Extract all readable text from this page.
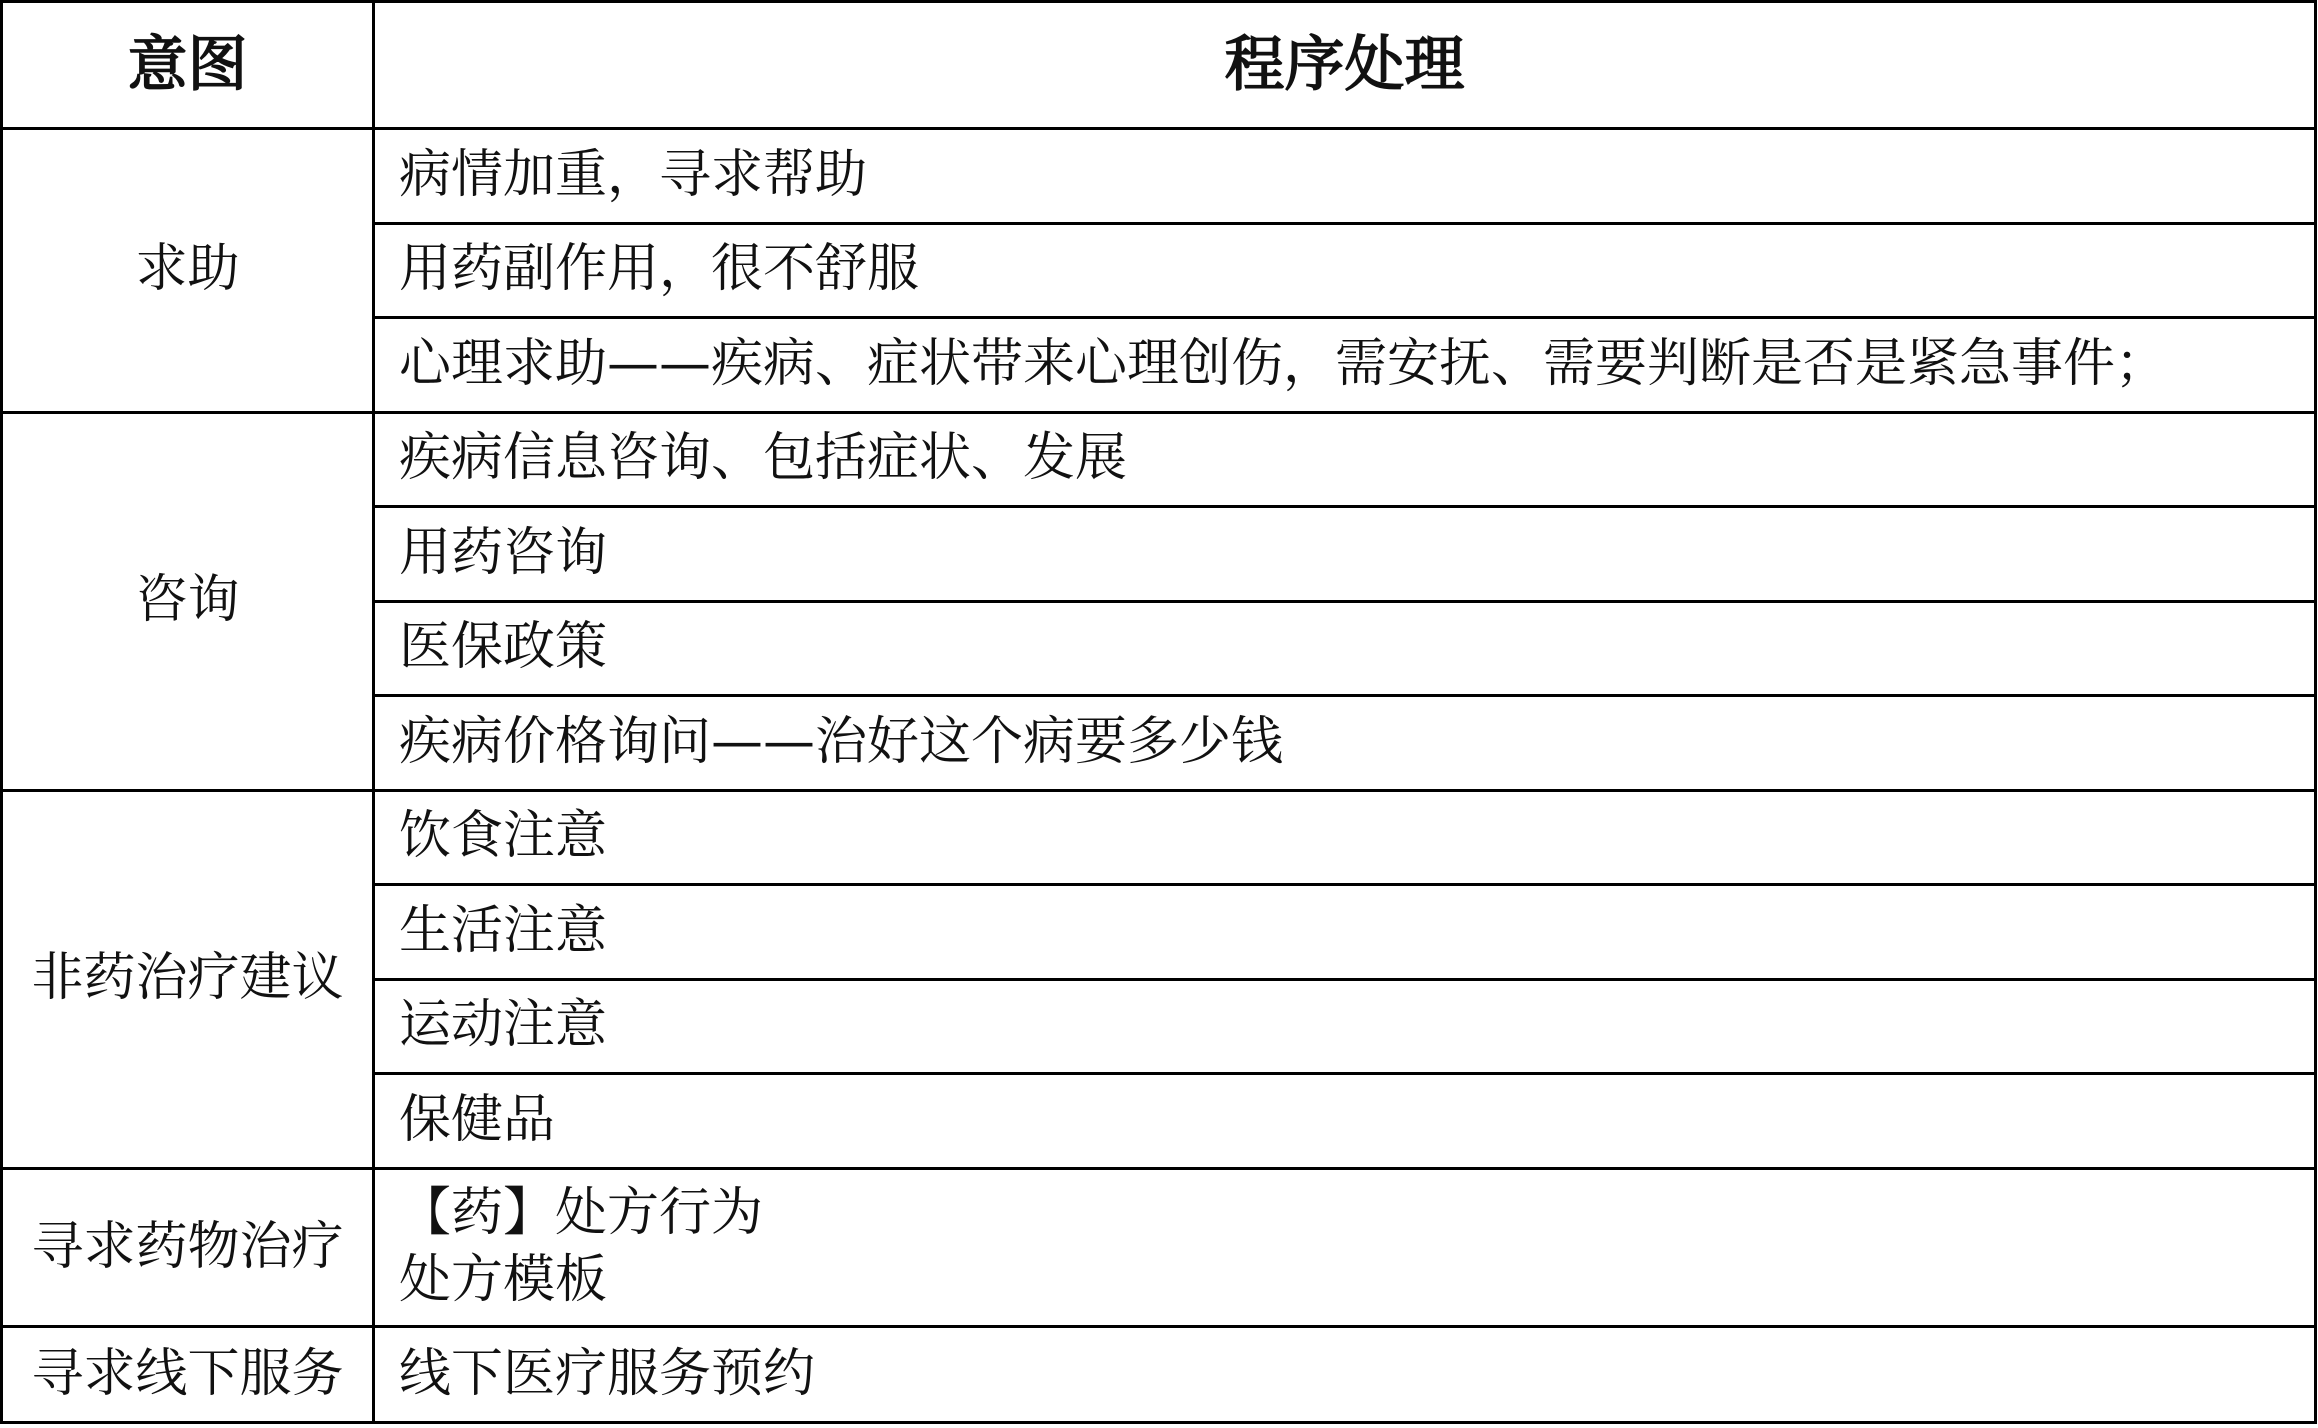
意图	程序处理
求助	病情加重，寻求帮助
	用药副作用，很不舒服
	心理求助——疾病、症状带来心理创伤，需安抚、需要判断是否是紧急事件；
咨询	疾病信息咨询、包括症状、发展
	用药咨询
	医保政策
	疾病价格询问——治好这个病要多少钱
非药治疗建议	饮食注意
	生活注意
	运动注意
	保健品
寻求药物治疗	【药】处方行为
处方模板

寻求线下服务	线下医疗服务预约
